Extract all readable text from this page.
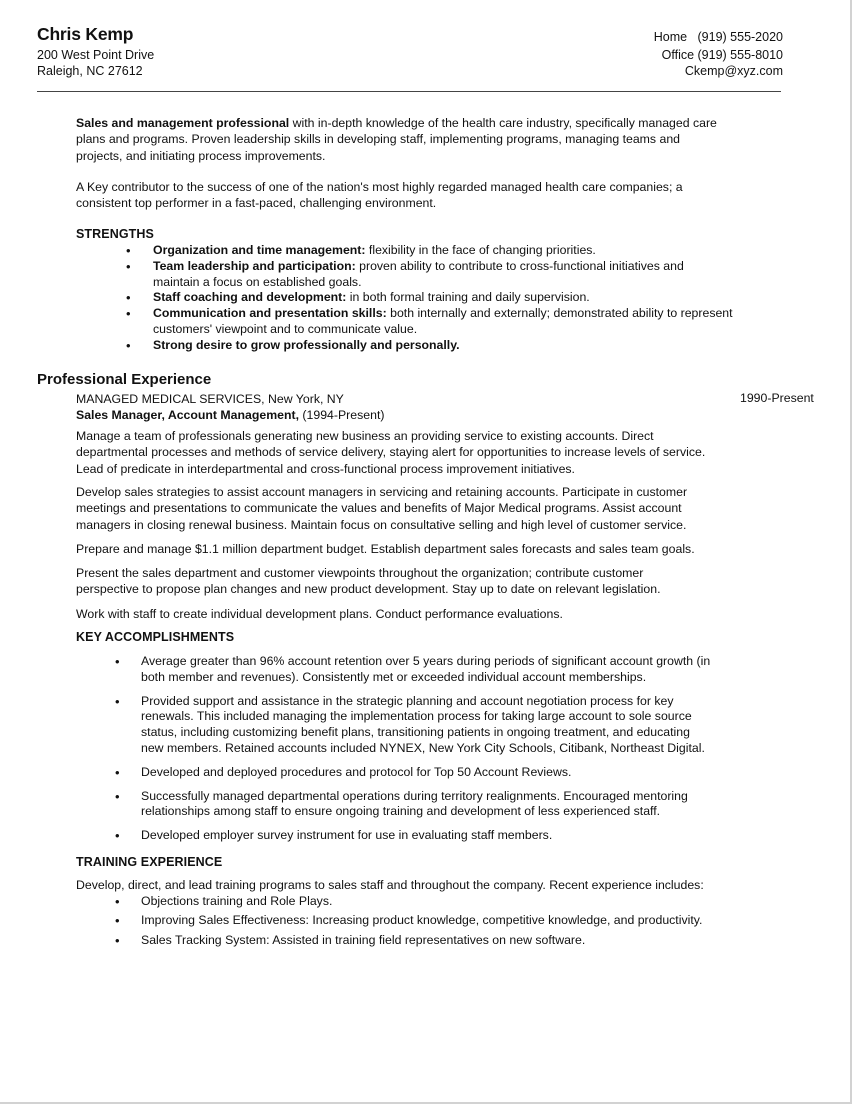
Chris Kemp
200 West Point Drive
Raleigh, NC 27612
Home   (919) 555-2020
Office (919) 555-8010
Ckemp@xyz.com
Sales and management professional with in-depth knowledge of the health care industry, specifically managed care plans and programs. Proven leadership skills in developing staff, implementing programs, managing teams and projects, and initiating process improvements.
A Key contributor to the success of one of the nation's most highly regarded managed health care companies; a consistent top performer in a fast-paced, challenging environment.
STRENGTHS
• Organization and time management: flexibility in the face of changing priorities.
• Team leadership and participation: proven ability to contribute to cross-functional initiatives and maintain a focus on established goals.
• Staff coaching and development: in both formal training and daily supervision.
• Communication and presentation skills: both internally and externally; demonstrated ability to represent customers' viewpoint and to communicate value.
• Strong desire to grow professionally and personally.
Professional Experience
MANAGED MEDICAL SERVICES, New York, NY	1990-Present
Sales Manager, Account Management, (1994-Present)
Manage a team of professionals generating new business an providing service to existing accounts. Direct departmental processes and methods of service delivery, staying alert for opportunities to increase levels of service. Lead of predicate in interdepartmental and cross-functional process improvement initiatives.
Develop sales strategies to assist account managers in servicing and retaining accounts. Participate in customer meetings and presentations to communicate the values and benefits of Major Medical programs. Assist account managers in closing renewal business. Maintain focus on consultative selling and high level of customer service.
Prepare and manage $1.1 million department budget. Establish department sales forecasts and sales team goals.
Present the sales department and customer viewpoints throughout the organization; contribute customer perspective to propose plan changes and new product development. Stay up to date on relevant legislation.
Work with staff to create individual development plans. Conduct performance evaluations.
KEY ACCOMPLISHMENTS
• Average greater than 96% account retention over 5 years during periods of significant account growth (in both member and revenues). Consistently met or exceeded individual account memberships.
• Provided support and assistance in the strategic planning and account negotiation process for key renewals. This included managing the implementation process for taking large account to sole source status, including customizing benefit plans, transitioning patients in ongoing treatment, and educating new members. Retained accounts included NYNEX, New York City Schools, Citibank, Northeast Digital.
• Developed and deployed procedures and protocol for Top 50 Account Reviews.
• Successfully managed departmental operations during territory realignments. Encouraged mentoring relationships among staff to ensure ongoing training and development of less experienced staff.
• Developed employer survey instrument for use in evaluating staff members.
TRAINING EXPERIENCE
Develop, direct, and lead training programs to sales staff and throughout the company. Recent experience includes:
• Objections training and Role Plays.
• Improving Sales Effectiveness: Increasing product knowledge, competitive knowledge, and productivity.
• Sales Tracking System: Assisted in training field representatives on new software.
